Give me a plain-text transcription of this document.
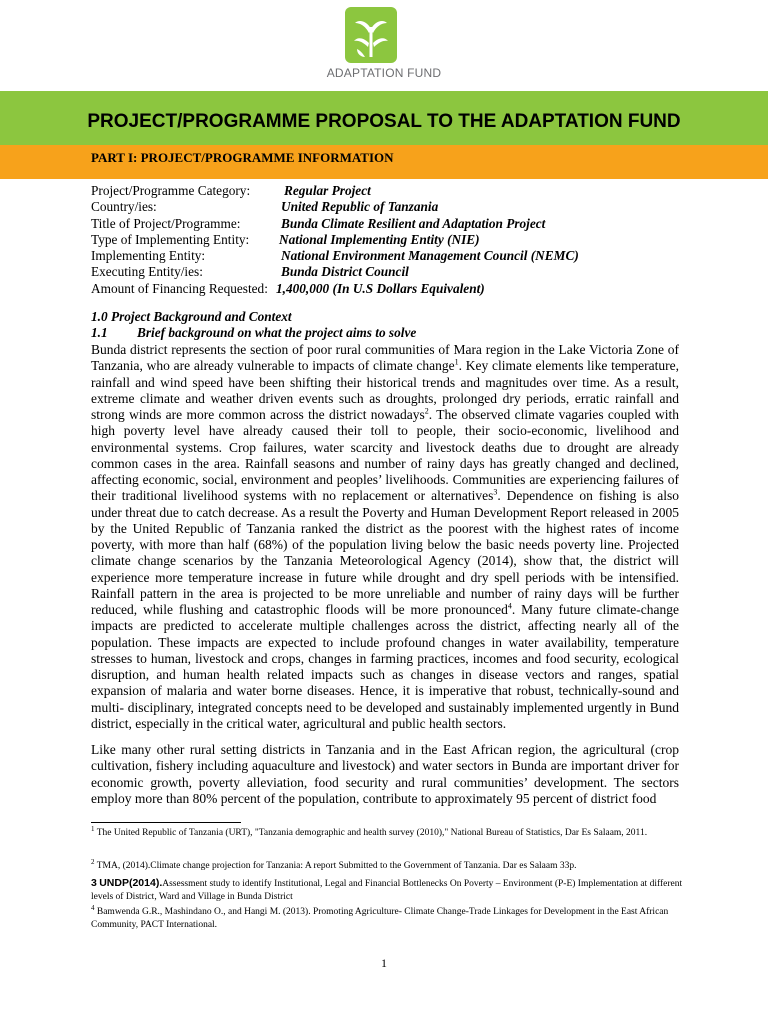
ADAPTATION FUND
PROJECT/PROGRAMME PROPOSAL TO THE ADAPTATION FUND
PART I: PROJECT/PROGRAMME INFORMATION
Project/Programme Category:	Regular Project
Country/ies:	United Republic of Tanzania
Title of Project/Programme:	Bunda Climate Resilient and Adaptation Project
Type of Implementing Entity: National Implementing Entity (NIE)
Implementing Entity:	National Environment Management Council (NEMC)
Executing Entity/ies:	Bunda District Council
Amount of Financing Requested: 1,400,000 (In U.S Dollars Equivalent)
1.0 Project Background and Context
1.1 Brief background on what the project aims to solve
Bunda district represents the section of poor rural communities of Mara region in the Lake Victoria Zone of Tanzania, who are already vulnerable to impacts of climate change$^1$. Key climate elements like temperature, rainfall and wind speed have been shifting their historical trends and magnitudes over time. As a result, extreme climate and weather driven events such as droughts, prolonged dry periods, erratic rainfall and strong winds are more common across the district nowadays$^2$. The observed climate vagaries coupled with high poverty level have already caused their toll to people, their socio-economic, livelihood and environmental systems. Crop failures, water scarcity and livestock deaths due to drought are already common cases in the area. Rainfall seasons and number of rainy days has greatly changed and declined, affecting economic, social, environment and peoples’ livelihoods. Communities are experiencing failures of their traditional livelihood systems with no replacement or alternatives$^3$. Dependence on fishing is also under threat due to catch decrease. As a result the Poverty and Human Development Report released in 2005 by the United Republic of Tanzania ranked the district as the poorest with the highest rates of income poverty, with more than half (68%) of the population living below the basic needs poverty line. Projected climate change scenarios by the Tanzania Meteorological Agency (2014), show that, the district will experience more temperature increase in future while drought and dry spell periods with be intensified. Rainfall pattern in the area is projected to be more unreliable and number of rainy days will be further reduced, while flushing and catastrophic floods will be more pronounced$^4$. Many future climate-change impacts are predicted to accelerate multiple challenges across the district, affecting nearly all of the population. These impacts are expected to include profound changes in water availability, temperature stresses to human, livestock and crops, changes in farming practices, incomes and food security, ecological disruption, and human health related impacts such as changes in disease vectors and ranges, spatial expansion of malaria and water borne diseases. Hence, it is imperative that robust, technically-sound and multi- disciplinary, integrated concepts need to be developed and sustainably implemented urgently in Bund district, especially in the critical water, agricultural and public health sectors.
Like many other rural setting districts in Tanzania and in the East African region, the agricultural (crop cultivation, fishery including aquaculture and livestock) and water sectors in Bunda are important driver for economic growth, poverty alleviation, food security and rural communities’ development. The sectors employ more than 80% percent of the population, contribute to approximately 95 percent of district food
$^1$ The United Republic of Tanzania (URT), "Tanzania demographic and health survey (2010)," National Bureau of Statistics, Dar Es Salaam, 2011.
$^2$ TMA, (2014).Climate change projection for Tanzania: A report Submitted to the Government of Tanzania. Dar es Salaam 33p.
3 UNDP(2014).Assessment study to identify Institutional, Legal and Financial Bottlenecks On Poverty – Environment (P-E) Implementation at different levels of District, Ward and Village in Bunda District
$^4$ Bamwenda G.R., Mashindano O., and Hangi M. (2013). Promoting Agriculture- Climate Change-Trade Linkages for Development in the East African Community, PACT International.
1
